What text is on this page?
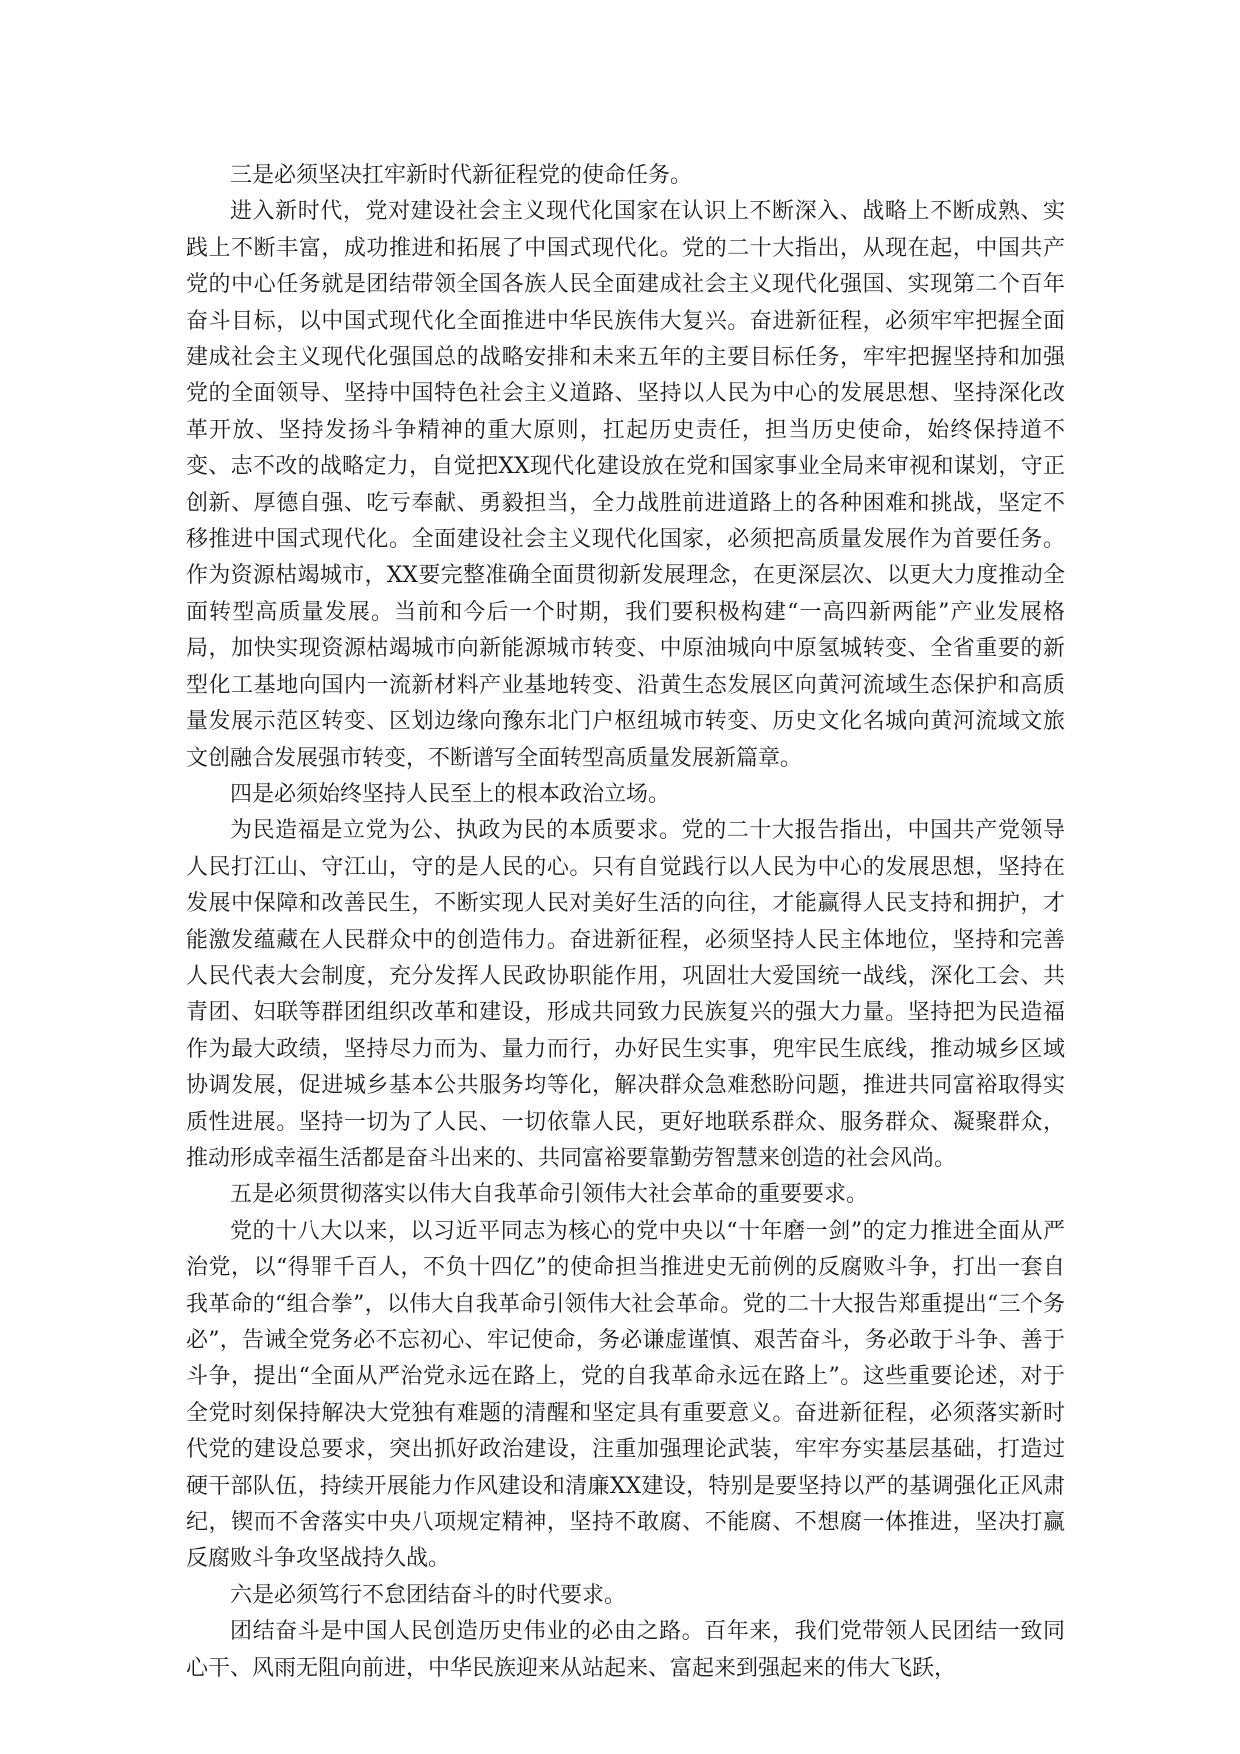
三是必须坚决扛牢新时代新征程党的使命任务。

进入新时代，党对建设社会主义现代化国家在认识上不断深入、战略上不断成熟、实践上不断丰富，成功推进和拓展了中国式现代化。党的二十大指出，从现在起，中国共产党的中心任务就是团结带领全国各族人民全面建成社会主义现代化强国、实现第二个百年奋斗目标，以中国式现代化全面推进中华民族伟大复兴。奋进新征程，必须牢牢把握全面建成社会主义现代化强国总的战略安排和未来五年的主要目标任务，牢牢把握坚持和加强党的全面领导、坚持中国特色社会主义道路、坚持以人民为中心的发展思想、坚持深化改革开放、坚持发扬斗争精神的重大原则，扛起历史责任，担当历史使命，始终保持道不变、志不改的战略定力，自觉把XX现代化建设放在党和国家事业全局来审视和谋划，守正创新、厚德自强、吃亏奉献、勇毅担当，全力战胜前进道路上的各种困难和挑战，坚定不移推进中国式现代化。全面建设社会主义现代化国家，必须把高质量发展作为首要任务。作为资源枯竭城市，XX要完整准确全面贯彻新发展理念，在更深层次、以更大力度推动全面转型高质量发展。当前和今后一个时期，我们要积极构建“一高四新两能”产业发展格局，加快实现资源枯竭城市向新能源城市转变、中原油城向中原氢城转变、全省重要的新型化工基地向国内一流新材料产业基地转变、沿黄生态发展区向黄河流域生态保护和高质量发展示范区转变、区划边缘向豫东北门户枢纽城市转变、历史文化名城向黄河流域文旅文创融合发展强市转变，不断谱写全面转型高质量发展新篇章。

四是必须始终坚持人民至上的根本政治立场。

为民造福是立党为公、执政为民的本质要求。党的二十大报告指出，中国共产党领导人民打江山、守江山，守的是人民的心。只有自觉践行以人民为中心的发展思想，坚持在发展中保障和改善民生，不断实现人民对美好生活的向往，才能赢得人民支持和拥护，才能激发蕴藏在人民群众中的创造伟力。奋进新征程，必须坚持人民主体地位，坚持和完善人民代表大会制度，充分发挥人民政协职能作用，巩固壮大爱国统一战线，深化工会、共青团、妇联等群团组织改革和建设，形成共同致力民族复兴的强大力量。坚持把为民造福作为最大政绩，坚持尽力而为、量力而行，办好民生实事，兜牢民生底线，推动城乡区域协调发展，促进城乡基本公共服务均等化，解决群众急难愁盼问题，推进共同富裕取得实质性进展。坚持一切为了人民、一切依靠人民，更好地联系群众、服务群众、凝聚群众，推动形成幸福生活都是奋斗出来的、共同富裕要靠勤劳智慧来创造的社会风尚。

五是必须贯彻落实以伟大自我革命引领伟大社会革命的重要要求。

党的十八大以来，以习近平同志为核心的党中央以“十年磨一剑”的定力推进全面从严治党，以“得罪千百人，不负十四亿”的使命担当推进史无前例的反腐败斗争，打出一套自我革命的“组合拳”，以伟大自我革命引领伟大社会革命。党的二十大报告郑重提出“三个务必”，告诫全党务必不忘初心、牢记使命，务必谦虚谨慎、艰苦奋斗，务必敢于斗争、善于斗争，提出“全面从严治党永远在路上，党的自我革命永远在路上”。这些重要论述，对于全党时刻保持解决大党独有难题的清醒和坚定具有重要意义。奋进新征程，必须落实新时代党的建设总要求，突出抓好政治建设，注重加强理论武装，牢牢夯实基层基础，打造过硬干部队伍，持续开展能力作风建设和清廉XX建设，特别是要坚持以严的基调强化正风肃纪，锲而不舍落实中央八项规定精神，坚持不敢腐、不能腐、不想腐一体推进，坚决打赢反腐败斗争攻坚战持久战。

六是必须笃行不怠团结奋斗的时代要求。

团结奋斗是中国人民创造历史伟业的必由之路。百年来，我们党带领人民团结一致同心干、风雨无阻向前进，中华民族迎来从站起来、富起来到强起来的伟大飞跃，
